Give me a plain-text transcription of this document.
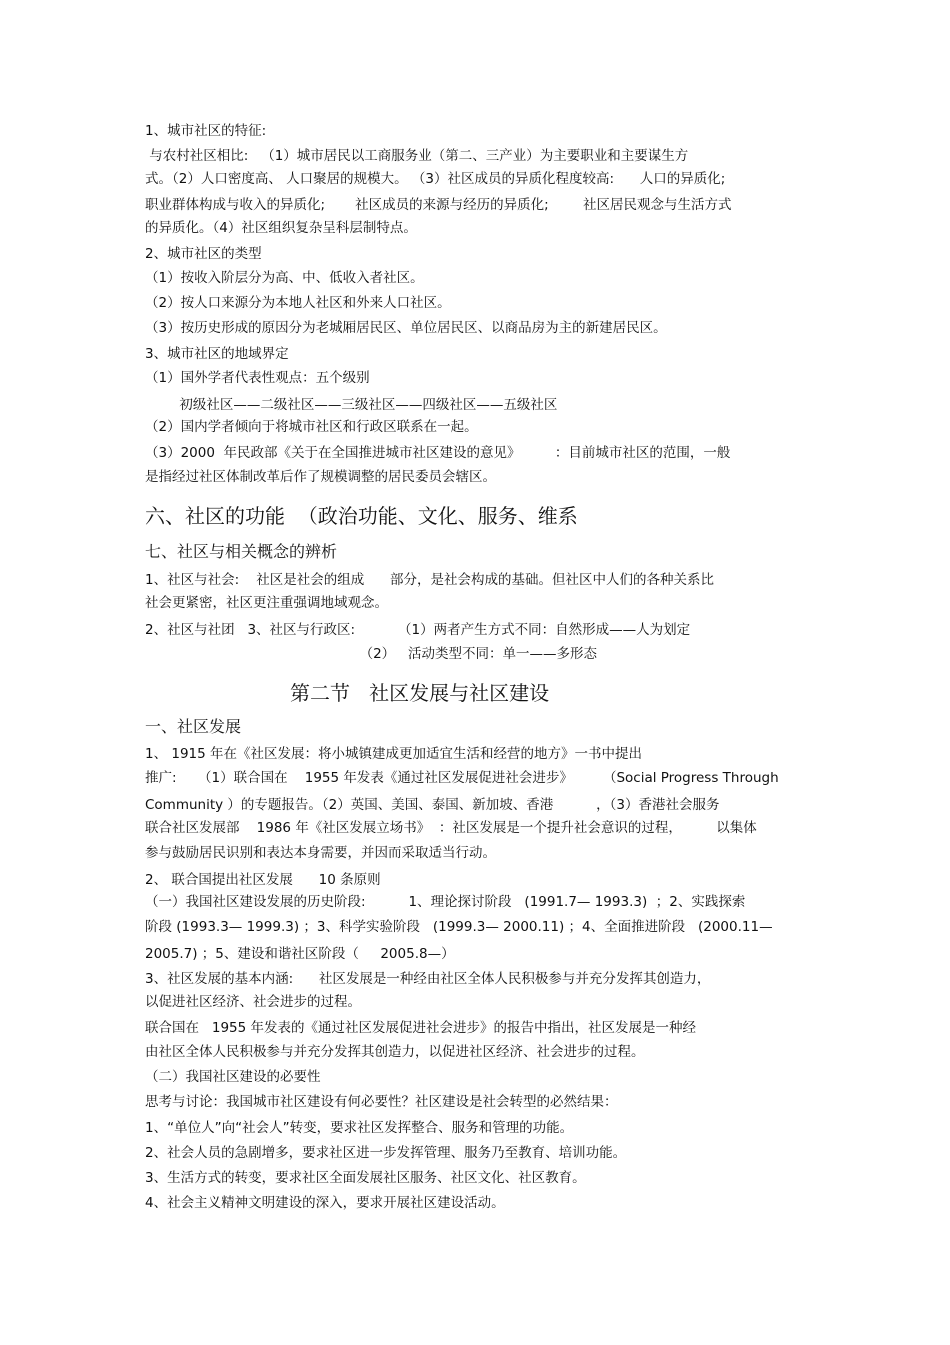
1、城市社区的特征:

与农村社区相比:   （1）城市居民以工商服务业（第二、三产业）为主要职业和主要谋生方

式。（2）人口密度高、 人口聚居的规模大。 （3）社区成员的异质化程度较高:      人口的异质化;

职业群体构成与收入的异质化;       社区成员的来源与经历的异质化;        社区居民观念与生活方式

的异质化。（4）社区组织复杂呈科层制特点。

2、城市社区的类型

（1）按收入阶层分为高、中、低收入者社区。

（2）按人口来源分为本地人社区和外来人口社区。

（3）按历史形成的原因分为老城厢居民区、单位居民区、以商品房为主的新建居民区。

3、城市社区的地域界定

（1）国外学者代表性观点：五个级别

初级社区——二级社区——三级社区——四级社区——五级社区

（2）国内学者倾向于将城市社区和行政区联系在一起。

（3）2000  年民政部《关于在全国推进城市社区建设的意见》        ：目前城市社区的范围，一般

是指经过社区体制改革后作了规模调整的居民委员会辖区。

六、社区的功能  （政治功能、文化、服务、维系

七、社区与相关概念的辨析

1、社区与社会:    社区是社会的组成      部分，是社会构成的基础。但社区中人们的各种关系比

社会更紧密，社区更注重强调地域观念。

2、社区与社团   3、社区与行政区:          （1）两者产生方式不同：自然形成——人为划定

（2）   活动类型不同：单一——多形态

第二节   社区发展与社区建设

一、社区发展

1、 1915 年在《社区发展：将小城镇建成更加适宜生活和经营的地方》一书中提出

推广:     （1）联合国在    1955 年发表《通过社区发展促进社会进步》       （Social Progress Through

Community ）的专题报告。（2）英国、美国、泰国、新加坡、香港          ，（3）香港社会服务

联合社区发展部    1986 年《社区发展立场书》  ：社区发展是一个提升社会意识的过程，        以集体

参与鼓励居民识别和表达本身需要，并因而采取适当行动。

2、 联合国提出社区发展      10 条原则

（一）我国社区建设发展的历史阶段:          1、理论探讨阶段   (1991.7— 1993.3)  ；2、实践探索

阶段 (1993.3— 1999.3) ；3、科学实验阶段   (1999.3— 2000.11) ；4、全面推进阶段   (2000.11—

2005.7) ；5、建设和谐社区阶段（     2005.8—）

3、社区发展的基本内涵:      社区发展是一种经由社区全体人民积极参与并充分发挥其创造力，

以促进社区经济、社会进步的过程。

联合国在   1955 年发表的《通过社区发展促进社会进步》的报告中指出，社区发展是一种经

由社区全体人民积极参与并充分发挥其创造力，以促进社区经济、社会进步的过程。

（二）我国社区建设的必要性

思考与讨论：我国城市社区建设有何必要性？社区建设是社会转型的必然结果：

1、“单位人”向“社会人”转变，要求社区发挥整合、服务和管理的功能。

2、社会人员的急剧增多，要求社区进一步发挥管理、服务乃至教育、培训功能。

3、生活方式的转变，要求社区全面发展社区服务、社区文化、社区教育。

4、社会主义精神文明建设的深入，要求开展社区建设活动。
